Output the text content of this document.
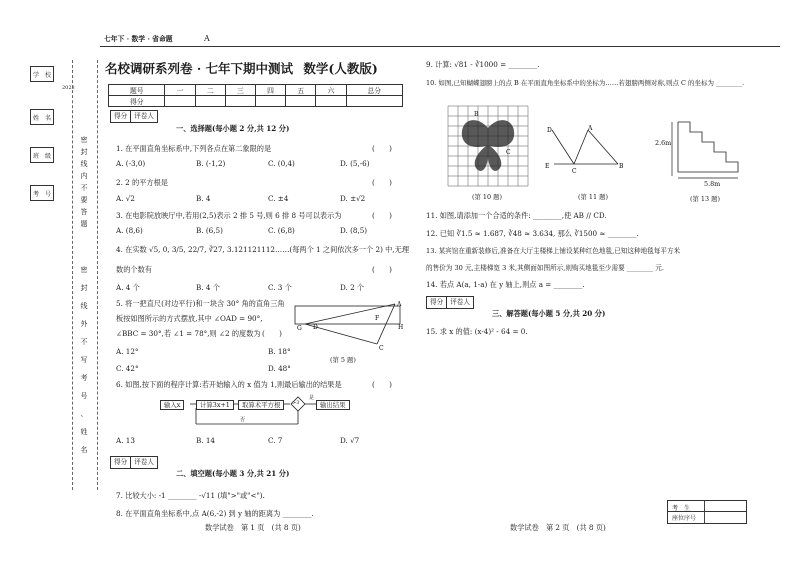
七年下 · 数学 · 省命题	A
学　校
姓　名
班　级
考　号
2023
密
封
线
内
不
要
答
题
密
封
线
外
不
写
考
号
、
姓
名
名校调研系列卷 · 七年下期中测试 数学(人教版)
题号	一	二	三	四	五	六	总分
得分							
得分	评卷人
一、选择题(每小题 2 分,共 12 分)
1. 在平面直角坐标系中,下列各点在第二象限的是	(　　)
A. (-3,0)	B. (-1,2)	C. (0,4)	D. (5,-6)
2. 2 的平方根是	(　　)
A. √2	B. 4	C. ±4	D. ±√2
3. 在电影院放映厅中,若用(2,5)表示 2 排 5 号,则 6 排 8 号可以表示为	(　　)
A. (8,6)	B. (6,5)	C. (6,8)	D. (8,5)
4. 在实数 √5, 0, 3/5, 22/7, ∛27, 3.121121112……(每两个 1 之间依次多一个 2) 中,无理
数的个数有	(　　)
A. 4 个	B. 4 个	C. 3 个	D. 2 个
5. 将一把直尺(对边平行)和一块含 30° 角的直角三角
板按如图所示的方式摆放,其中 ∠OAD = 90°,
∠BBC = 30°,若 ∠1 = 78°,则 ∠2 的度数为 (　　)
A. 12°	B. 18°
C. 42°	D. 48°
A
C
D
G
F
H
(第 5 题)
6. 如图,按下面的程序计算:若开始输入的 x 值为 1,则最后输出的结果是	(　　)
输入x	计算3x+1	取算术平方根	>3
是
否
输出结果
A. 13	B. 14	C. 7	D. √7
得分	评卷人
二、填空题(每小题 3 分,共 21 分)
7. 比较大小: -1 ________ -√11 (填">"或"<").
8. 在平面直角坐标系中,点 A(6,-2) 到 y 轴的距离为 ________.
数学试卷　第 1 页　(共 8 页)
9. 计算: √81 - ∛1000 = ________.
10. 如图,已知蝴蝶翅膀上的点 B 在平面直角坐标系中的坐标为……若翅膀两侧对称,则点 C 的坐标为 ________.
B
C
(第 10 题)
D	A
E
C
B
(第 11 题)
2.6m
5.8m
(第 13 题)
11. 如图,请添加一个合适的条件: ________,使 AB // CD.
12. 已知 ∛1.5 ≈ 1.687, ∛48 ≈ 3.634, 那么 ∛1500 ≈ ________.
13. 某宾馆在重新装修后,准备在大厅主楼梯上铺设某种红色地毯,已知这种地毯每平方米
的售价为 30 元,主楼梯宽 3 米,其侧面如图所示,则购买地毯至少需要 ________ 元.
14. 若点 A(a, 1-a) 在 y 轴上,则点 a = ________.
得分	评卷人
三、解答题(每小题 5 分,共 20 分)
15. 求 x 的值: (x-4)² - 64 = 0.
数学试卷　第 2 页　(共 8 页)
考　生
座位序号
